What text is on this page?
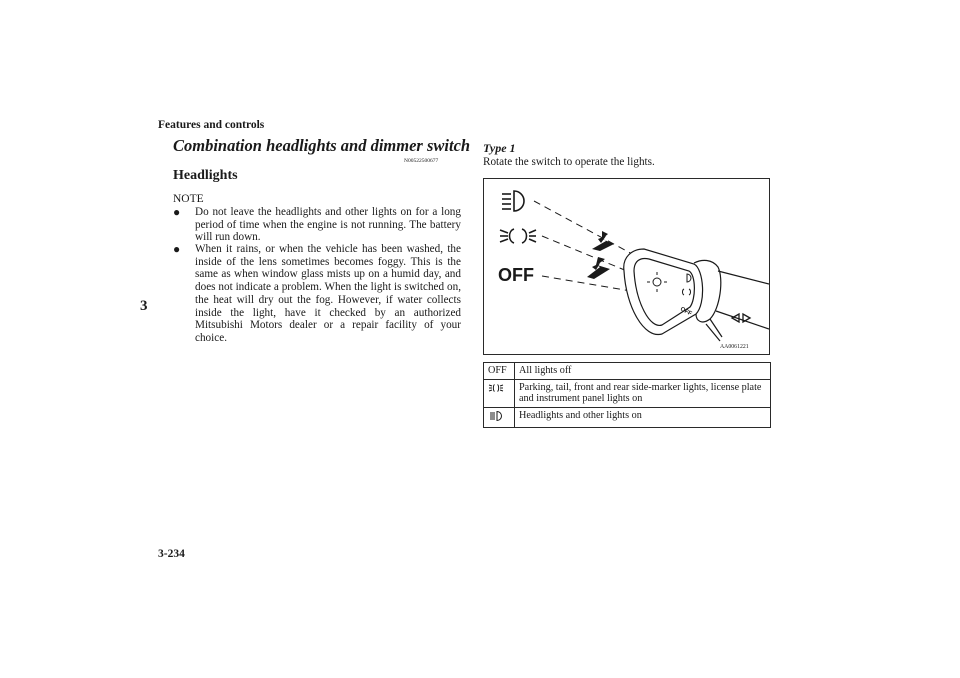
Features and controls
3
3-234
Combination headlights and dimmer switch
N00522500677
Headlights
NOTE
● Do not leave the headlights and other lights on for a long period of time when the engine is not running. The battery will run down.
● When it rains, or when the vehicle has been washed, the inside of the lens sometimes becomes foggy. This is the same as when window glass mists up on a humid day, and does not indicate a problem. When the light is switched on, the heat will dry out the fog. However, if water collects inside the light, have it checked by an authorized Mitsubishi Motors dealer or a repair facility of your choice.
Type 1
Rotate the switch to operate the lights.
OFF
OFF
AA0061221
OFF	All lights off
	Parking, tail, front and rear side-marker lights, license plate and instrument panel lights on
	Headlights and other lights on
